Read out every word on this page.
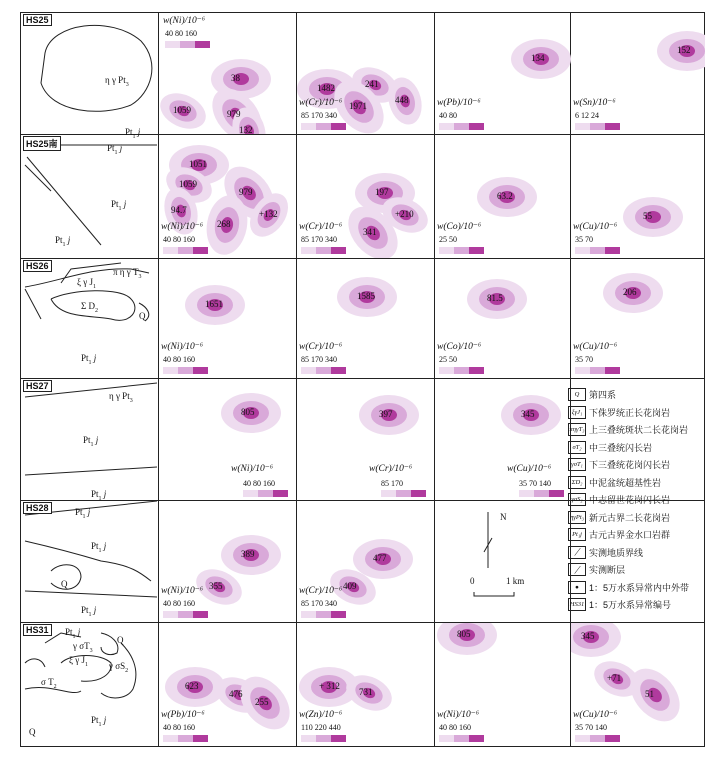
HS25
η γ $Pt_3$
$Pt_1$ j
38
1059	979
132
w(Ni)/10⁻⁶
40 80 160
1482	241
1971
448
w(Cr)/10⁻⁶
85 170 340
134
w(Pb)/10⁻⁶
40 80
152
w(Sn)/10⁻⁶
6 12 24
HS25南	$Pt_1$ j
$Pt_1$ j
$Pt_1$ j
1051
1059
979
94.7
268
+132
w(Ni)/10⁻⁶
40 80 160
197
+210
341
w(Cr)/10⁻⁶
85 170 340
63.2
w(Co)/10⁻⁶
25 50
55
w(Cu)/10⁻⁶
35 70
HS26
ξ γ $J_1$
π η γ $T_3$
Σ $D_2$
Q
$Pt_1$ j
1651
w(Ni)/10⁻⁶
40 80 160
1585
w(Cr)/10⁻⁶
85 170 340
81.5
w(Co)/10⁻⁶
25 50
206
w(Cu)/10⁻⁶
35 70
HS27
η γ $Pt_3$
$Pt_1$ j
$Pt_1$ j
805
w(Ni)/10⁻⁶
40 80 160
397
w(Cr)/10⁻⁶
85 170
345
w(Cu)/10⁻⁶
35 70 140
HS28	$Pt_1$ j
$Pt_1$ j
Q
$Pt_1$ j
389
355
w(Ni)/10⁻⁶
40 80 160
477
409
w(Cr)/10⁻⁶
85 170 340
HS31	$Pt_1$ j
Q
γ $\sigma T_3$
ξ γ $J_1$ γ $\sigma S_2$
σ $T_2$
$Pt_1$ j
Q
623
476
255
w(Pb)/10⁻⁶
40 80 160
+ 312
731
w(Zn)/10⁻⁶
110 220 440
805
w(Ni)/10⁻⁶
40 80 160
345
+71
51
w(Cu)/10⁻⁶
35 70 140
Q	第四系
ξγJ₁ 下侏罗统正长花岗岩
πηγT₃ 上三叠统斑状二长花岗岩
σT₂ 中三叠统闪长岩
γσT₁ 下三叠统花岗闪长岩
ΣD₂ 中泥盆统超基性岩
γσS₂ 中志留世花岗闪长岩
ηγPt₃ 新元古界二长花岗岩
Pt₁j 古元古界金水口岩群
╱	实测地质界线
╱	实测断层
●	1：5万水系异常内中外带
HS31 1：5万水系异常编号
N
0	1 km
